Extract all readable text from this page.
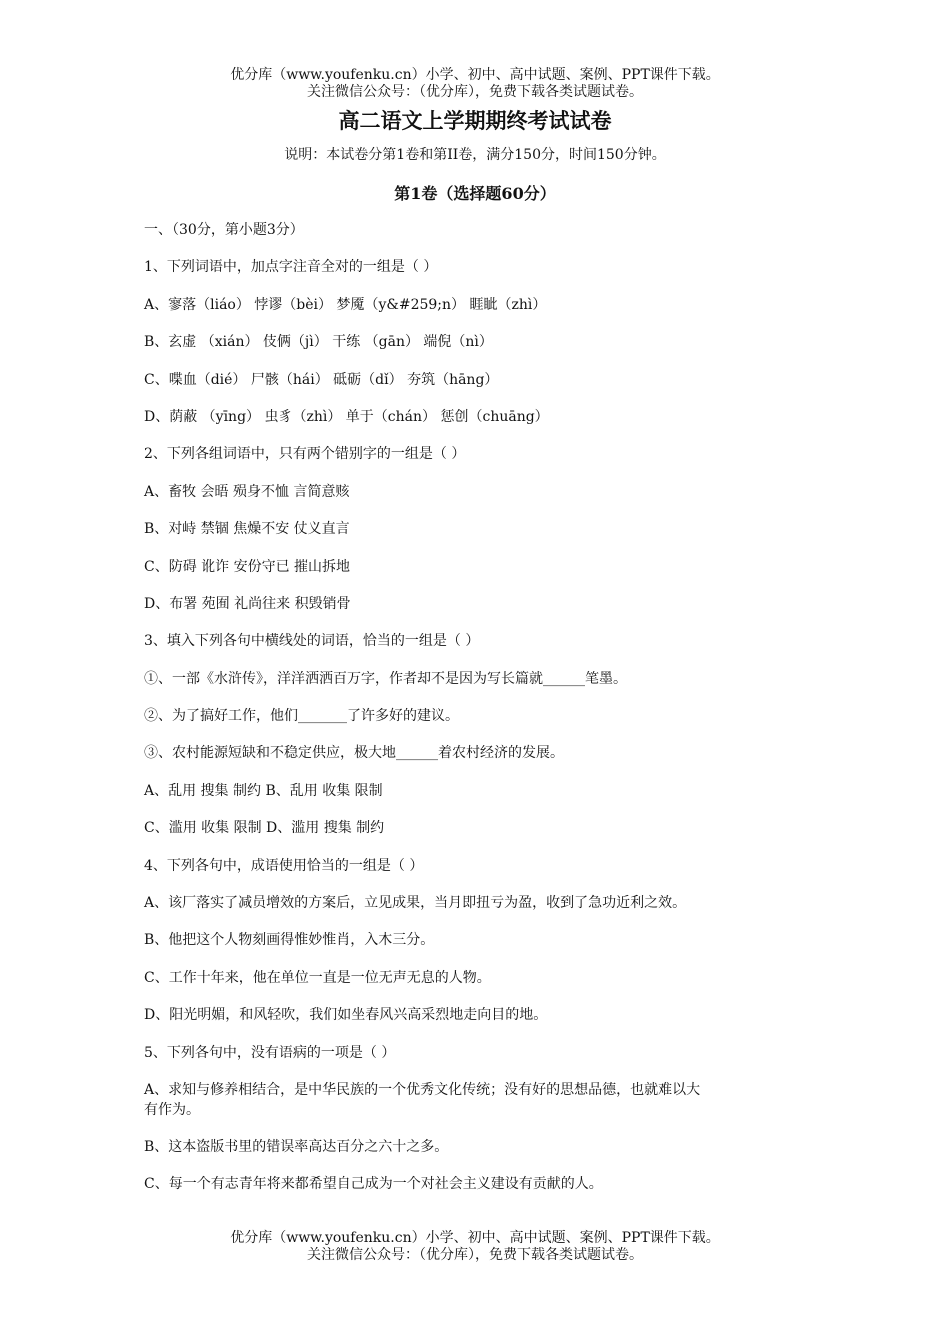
优分库（www.youfenku.cn）小学、初中、高中试题、案例、PPT课件下载。
关注微信公众号：（优分库），免费下载各类试题试卷。
高二语文上学期期终考试试卷
说明：本试卷分第1卷和第II卷，满分150分，时间150分钟。
第1卷（选择题60分）
一、（30分，第小题3分）
1、下列词语中，加点字注音全对的一组是（ ）
A、寥落（liáo） 悖谬（bèi） 梦魇（y&#259;n） 睚眦（zhì）
B、玄虚 （xián） 伎俩（jì） 干练 （gān） 端倪（nì）
C、喋血（dié） 尸骸（hái） 砥砺（dǐ） 夯筑（hāng）
D、荫蔽 （yīng） 虫豸（zhì） 单于（chán） 惩创（chuāng）
2、下列各组词语中，只有两个错别字的一组是（ ）
A、畜牧 会晤 殒身不恤 言简意赅
B、对峙 禁锢 焦燥不安 仗义直言
C、防碍 讹诈 安份守已 摧山拆地
D、布署 苑囿 礼尚往来 积毁销骨
3、填入下列各句中横线处的词语，恰当的一组是（ ）
①、一部《水浒传》，洋洋洒洒百万字，作者却不是因为写长篇就______笔墨。
②、为了搞好工作，他们_______了许多好的建议。
③、农村能源短缺和不稳定供应，极大地______着农村经济的发展。
A、乱用 搜集 制约 B、乱用 收集 限制
C、滥用 收集 限制 D、滥用 搜集 制约
4、下列各句中，成语使用恰当的一组是（ ）
A、该厂落实了减员增效的方案后，立见成果，当月即扭亏为盈，收到了急功近利之效。
B、他把这个人物刻画得惟妙惟肖，入木三分。
C、工作十年来，他在单位一直是一位无声无息的人物。
D、阳光明媚，和风轻吹，我们如坐春风兴高采烈地走向目的地。
5、下列各句中，没有语病的一项是（ ）
A、求知与修养相结合，是中华民族的一个优秀文化传统；没有好的思想品德，也就难以大
有作为。
B、这本盗版书里的错误率高达百分之六十之多。
C、每一个有志青年将来都希望自己成为一个对社会主义建设有贡献的人。
优分库（www.youfenku.cn）小学、初中、高中试题、案例、PPT课件下载。
关注微信公众号：（优分库），免费下载各类试题试卷。
